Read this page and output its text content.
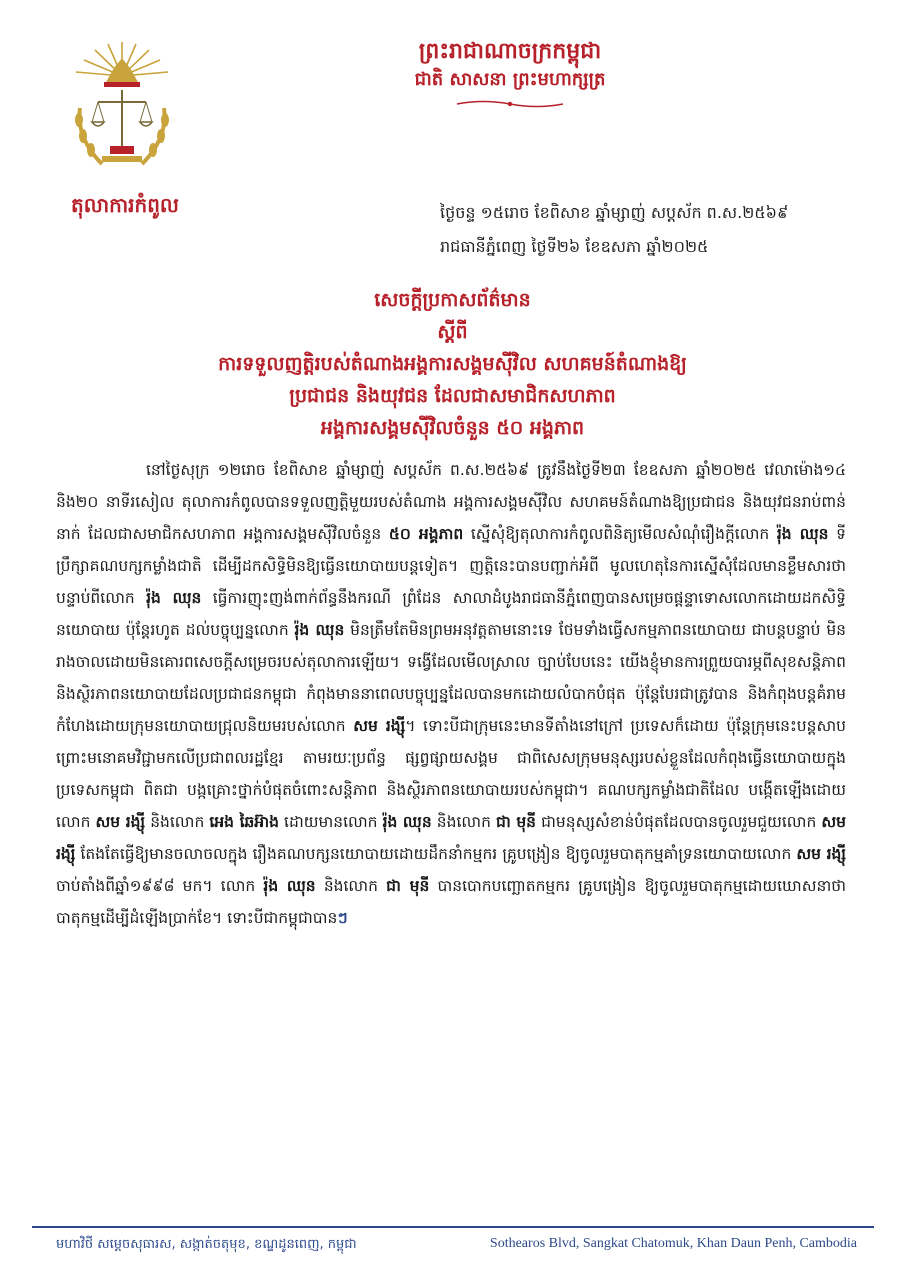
តុលាការកំពូល
ព្រះរាជាណាចក្រកម្ពុជា
ជាតិ សាសនា ព្រះមហាក្សត្រ
ថ្ងៃចន្ទ ១៥រោច ខែពិសាខ ឆ្នាំម្សាញ់ សប្តស័ក ព.ស.២៥៦៩
រាជធានីភ្នំពេញ ថ្ងៃទី២៦ ខែឧសភា ឆ្នាំ២០២៥
សេចក្តីប្រកាសព័ត៌មាន
ស្តីពី
ការទទួលញត្តិរបស់តំណាងអង្គការសង្គមស៊ីវិល សហគមន៍តំណាងឱ្យ
ប្រជាជន និងយុវជន ដែលជាសមាជិកសហភាព
អង្គការសង្គមស៊ីវិលចំនួន ៥០ អង្គភាព
នៅថ្ងៃសុក្រ ១២រោច ខែពិសាខ ឆ្នាំម្សាញ់ សប្តស័ក ព.ស.២៥៦៩ ត្រូវនឹងថ្ងៃទី២៣ ខែឧសភា ឆ្នាំ២០២៥ វេលាម៉ោង១៤ និង២០ នាទីរសៀល តុលាការកំពូលបានទទួលញត្តិមួយរបស់តំណាង អង្គការសង្គមស៊ីវិល សហគមន៍តំណាងឱ្យប្រជាជន និងយុវជនរាប់ពាន់នាក់ ដែលជាសមាជិកសហភាព អង្គការសង្គមស៊ីវិលចំនួន ៥០ អង្គភាព ស្នើសុំឱ្យតុលាការកំពូលពិនិត្យមើលសំណុំរឿងក្តីលោក រ៉ុង ឈុន ទីប្រឹក្សាគណបក្សកម្លាំងជាតិ ដើម្បីដកសិទ្ធិមិនឱ្យធ្វើនយោបាយបន្តទៀត។ ញត្តិនេះបានបញ្ជាក់អំពី មូលហេតុនៃការស្នើសុំដែលមានខ្លឹមសារថា បន្ទាប់ពីលោក រ៉ុង ឈុន ធ្វើការញុះញង់ពាក់ព័ន្ធនឹងករណី ព្រំដែន សាលាដំបូងរាជធានីភ្នំពេញបានសម្រេចផ្តន្ទាទោសលោកដោយដកសិទ្ធិនយោបាយ ប៉ុន្តែរហូត ដល់បច្ចុប្បន្នលោក រ៉ុង ឈុន មិនត្រឹមតែមិនព្រមអនុវត្តតាមនោះទេ ថែមទាំងធ្វើសកម្មភាពនយោបាយ ជាបន្តបន្ទាប់ មិនរាងចាលដោយមិនគោរពសេចក្តីសម្រេចរបស់តុលាការឡើយ។ ទង្វើដែលមើលស្រាល ច្បាប់បែបនេះ យើងខ្ញុំមានការព្រួយបារម្ភពីសុខសន្តិភាព និងស្ថិរភាពនយោបាយដែលប្រជាជនកម្ពុជា កំពុងមាននាពេលបច្ចុប្បន្នដែលបានមកដោយលំបាកបំផុត ប៉ុន្តែបែរជាត្រូវបាន និងកំពុងបន្តគំរាម កំហែងដោយក្រុមនយោបាយជ្រុលនិយមរបស់លោក សម រង្ស៊ី។ ទោះបីជាក្រុមនេះមានទីតាំងនៅក្រៅ ប្រទេសក៏ដោយ ប៉ុន្តែក្រុមនេះបន្តសាបព្រោះមនោគមវិជ្ជាមកលើប្រជាពលរដ្ឋខ្មែរ តាមរយៈប្រព័ន្ធ ផ្សព្វផ្សាយសង្គម ជាពិសេសក្រុមមនុស្សរបស់ខ្លួនដែលកំពុងធ្វើនយោបាយក្នុងប្រទេសកម្ពុជា ពិតជា បង្កគ្រោះថ្នាក់បំផុតចំពោះសន្តិភាព និងស្ថិរភាពនយោបាយរបស់កម្ពុជា។ គណបក្សកម្លាំងជាតិដែល បង្កើតឡើងដោយលោក សម រង្ស៊ី និងលោក អេង ឆៃអ៊ាង ដោយមានលោក រ៉ុង ឈុន និងលោក ជា មុនី ជាមនុស្សសំខាន់បំផុតដែលបានចូលរួមជួយលោក សម រង្ស៊ី តែងតែធ្វើឱ្យមានចលាចលក្នុង រឿងគណបក្សនយោបាយដោយដឹកនាំកម្មករ គ្រូបង្រៀន ឱ្យចូលរួមបាតុកម្មគាំទ្រនយោបាយលោក សម រង្ស៊ី ចាប់តាំងពីឆ្នាំ១៩៩៨ មក។ លោក រ៉ុង ឈុន និងលោក ជា មុនី បានបោកបញ្ឆោតកម្មករ គ្រូបង្រៀន ឱ្យចូលរួមបាតុកម្មដោយឃោសនាថាបាតុកម្មដើម្បីដំឡើងប្រាក់ខែ។ ទោះបីជាកម្ពុជាបានៗ
មហាវិថី សម្តេចសុធារស, សង្កាត់ចតុមុខ, ខណ្ឌដូនពេញ, កម្ពុជា	Sothearos Blvd, Sangkat Chatomuk, Khan Daun Penh, Cambodia
